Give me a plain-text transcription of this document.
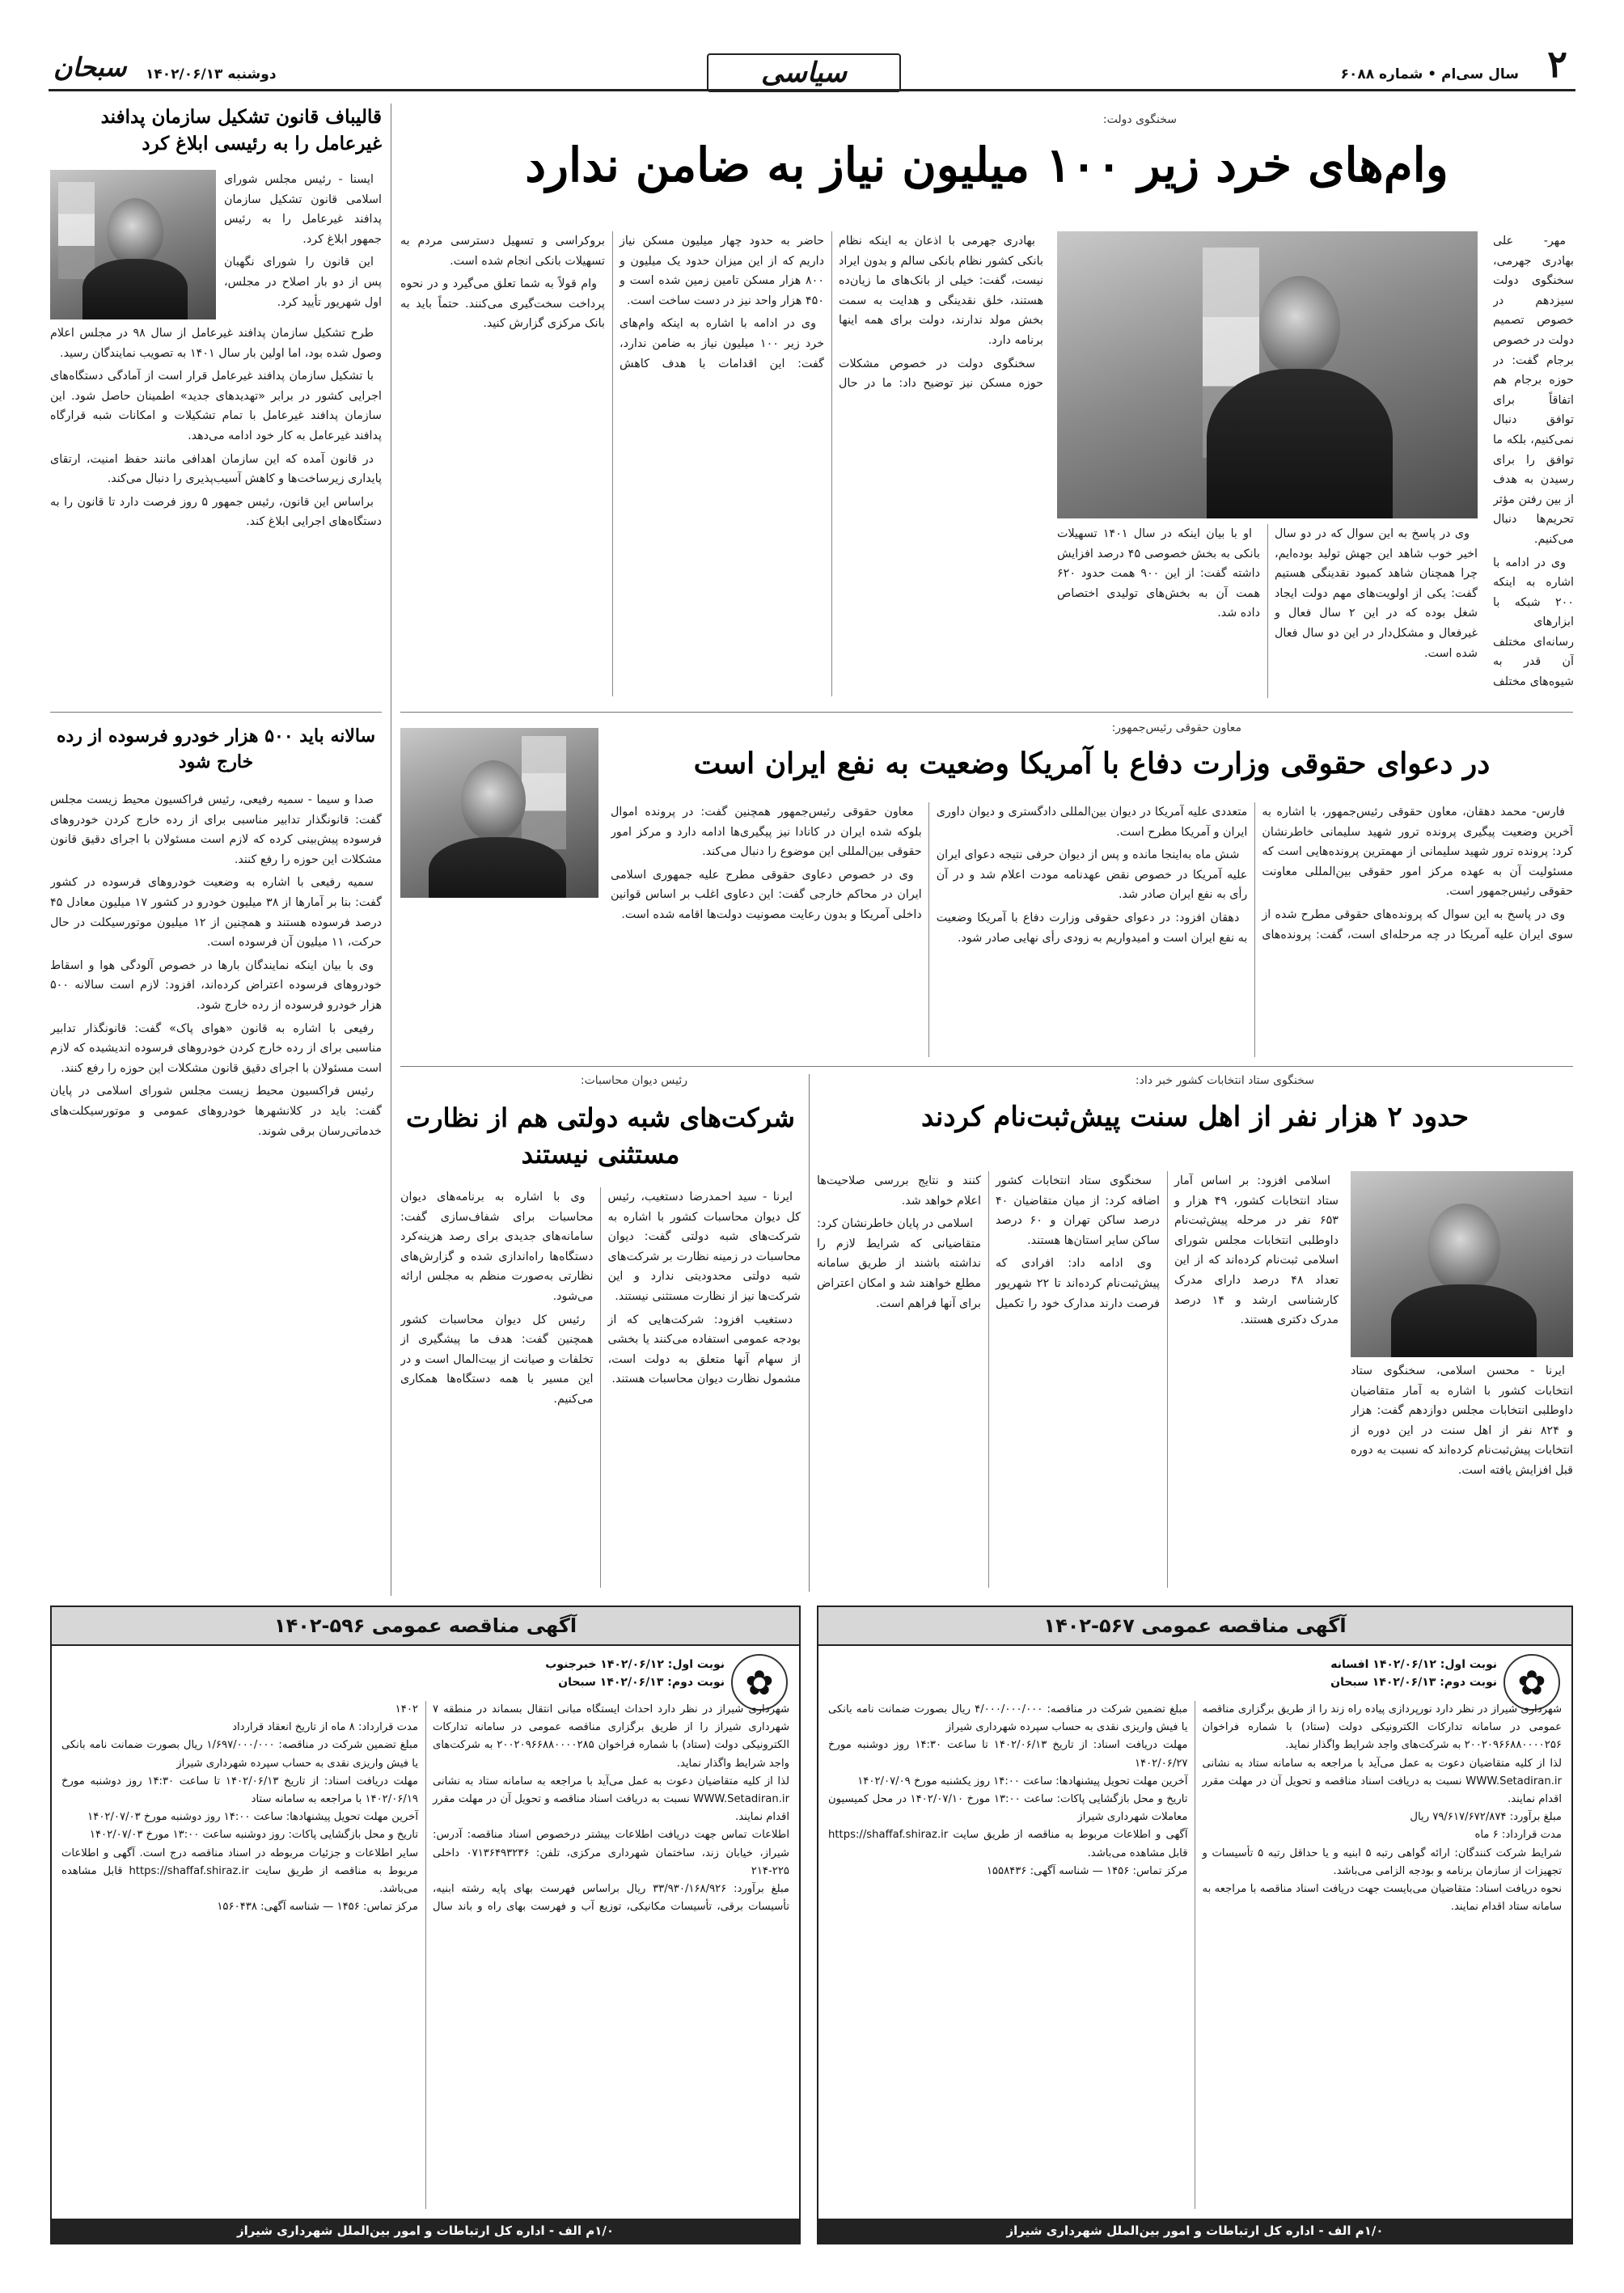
۲
سال سی‌ام • شماره ۶۰۸۸
سیاسی
دوشنبه ۱۴۰۲/۰۶/۱۳
سبحان
قالیباف قانون تشکیل سازمان پدافند غیرعامل را به رئیسی ابلاغ کرد

ایسنا - رئیس مجلس شورای اسلامی قانون تشکیل سازمان پدافند غیرعامل را به رئیس جمهور ابلاغ کرد.

این قانون را شورای نگهبان پس از دو بار اصلاح در مجلس، اول شهریور تأیید کرد.

طرح تشکیل سازمان پدافند غیرعامل از سال ۹۸ در مجلس اعلام وصول شده بود، اما اولین بار سال ۱۴۰۱ به تصویب نمایندگان رسید.

با تشکیل سازمان پدافند غیرعامل قرار است از آمادگی دستگاه‌های اجرایی کشور در برابر «تهدیدهای جدید» اطمینان حاصل شود. این سازمان پدافند غیرعامل با تمام تشکیلات و امکانات شبه قرارگاه پدافند غیرعامل به کار خود ادامه می‌دهد.

در قانون آمده که این سازمان اهدافی مانند حفظ امنیت، ارتقای پایداری زیرساخت‌ها و کاهش آسیب‌پذیری را دنبال می‌کند.

براساس این قانون، رئیس جمهور ۵ روز فرصت دارد تا قانون را به دستگاه‌های اجرایی ابلاغ کند.

سالانه باید ۵۰۰ هزار خودرو فرسوده از رده خارج شود

صدا و سیما - سمیه رفیعی، رئیس فراکسیون محیط زیست مجلس گفت: قانونگذار تدابیر مناسبی برای از رده خارج کردن خودروهای فرسوده پیش‌بینی کرده که لازم است مسئولان با اجرای دقیق قانون مشکلات این حوزه را رفع کنند.

سمیه رفیعی با اشاره به وضعیت خودروهای فرسوده در کشور گفت: بنا بر آمارها از ۳۸ میلیون خودرو در کشور ۱۷ میلیون معادل ۴۵ درصد فرسوده هستند و همچنین از ۱۲ میلیون موتورسیکلت در حال حرکت، ۱۱ میلیون آن فرسوده است.

وی با بیان اینکه نمایندگان بارها در خصوص آلودگی هوا و اسقاط خودروهای فرسوده اعتراض کرده‌اند، افزود: لازم است سالانه ۵۰۰ هزار خودرو فرسوده از رده خارج شود.

رفیعی با اشاره به قانون «هوای پاک» گفت: قانونگذار تدابیر مناسبی برای از رده خارج کردن خودروهای فرسوده اندیشیده که لازم است مسئولان با اجرای دقیق قانون مشکلات این حوزه را رفع کنند.

رئیس فراکسیون محیط زیست مجلس شورای اسلامی در پایان گفت: باید در کلانشهرها خودروهای عمومی و موتورسیکلت‌های خدماتی‌رسان برقی شوند.

سخنگوی دولت:
وام‌های خرد زیر ۱۰۰ میلیون نیاز به ضامن ندارد

وی در پاسخ به این سوال که در دو سال اخیر خوب شاهد این جهش تولید بوده‌ایم، چرا همچنان شاهد کمبود نقدینگی هستیم گفت: یکی از اولویت‌های مهم دولت ایجاد شغل بوده که در این ۲ سال فعال و غیرفعال و مشکل‌دار در این دو سال فعال شده است.

او با بیان اینکه در سال ۱۴۰۱ تسهیلات بانکی به بخش خصوصی ۴۵ درصد افزایش داشته گفت: از این ۹۰۰ همت حدود ۶۲۰ همت آن به بخش‌های تولیدی اختصاص داده شد.

بهادری جهرمی با اذعان به اینکه نظام بانکی کشور نظام بانکی سالم و بدون ایراد نیست، گفت: خیلی از بانک‌های ما زیان‌ده هستند، خلق نقدینگی و هدایت به سمت بخش مولد ندارند، دولت برای همه اینها برنامه دارد.

سخنگوی دولت در خصوص مشکلات حوزه مسکن نیز توضیح داد: ما در حال حاضر به حدود چهار میلیون مسکن نیاز داریم که از این میزان حدود یک میلیون و ۸۰۰ هزار مسکن تامین زمین شده است و ۴۵۰ هزار واحد نیز در دست ساخت است.

وی در ادامه با اشاره به اینکه وام‌های خرد زیر ۱۰۰ میلیون نیاز به ضامن ندارد، گفت: این اقدامات با هدف کاهش بروکراسی و تسهیل دسترسی مردم به تسهیلات بانکی انجام شده است.

وام قولاً به شما تعلق می‌گیرد و در نحوه پرداخت سخت‌گیری می‌کنند. حتماً باید به بانک مرکزی گزارش کنید.

معاون حقوقی رئیس‌جمهور:
در دعوای حقوقی وزارت دفاع با آمریکا وضعیت به نفع ایران است

فارس- محمد دهقان، معاون حقوقی رئیس‌جمهور، با اشاره به آخرین وضعیت پیگیری پرونده ترور شهید سلیمانی خاطرنشان کرد: پرونده ترور شهید سلیمانی از مهمترین پرونده‌هایی است که مسئولیت آن به عهده مرکز امور حقوقی بین‌المللی معاونت حقوقی رئیس‌جمهور است.

وی در پاسخ به این سوال که پرونده‌های حقوقی مطرح شده از سوی ایران علیه آمریکا در چه مرحله‌ای است، گفت: پرونده‌های متعددی علیه آمریکا در دیوان بین‌المللی دادگستری و دیوان داوری ایران و آمریکا مطرح است.

شش ماه به‌اینجا مانده و پس از دیوان حرفی نتیجه دعوای ایران علیه آمریکا در خصوص نقض عهدنامه مودت اعلام شد و در آن رأی به نفع ایران صادر شد.

دهقان افزود: در دعوای حقوقی وزارت دفاع با آمریکا وضعیت به نفع ایران است و امیدواریم به زودی رأی نهایی صادر شود.

معاون حقوقی رئیس‌جمهور همچنین گفت: در پرونده اموال بلوکه شده ایران در کانادا نیز پیگیری‌ها ادامه دارد و مرکز امور حقوقی بین‌المللی این موضوع را دنبال می‌کند.

وی در خصوص دعاوی حقوقی مطرح علیه جمهوری اسلامی ایران در محاکم خارجی گفت: این دعاوی اغلب بر اساس قوانین داخلی آمریکا و بدون رعایت مصونیت دولت‌ها اقامه شده است.

سخنگوی ستاد انتخابات کشور خبر داد:
حدود ۲ هزار نفر از اهل سنت پیش‌ثبت‌نام کردند

ایرنا - محسن اسلامی، سخنگوی ستاد انتخابات کشور با اشاره به آمار متقاضیان داوطلبی انتخابات مجلس دوازدهم گفت: هزار و ۸۲۴ نفر از اهل سنت در این دوره از انتخابات پیش‌ثبت‌نام کرده‌اند که نسبت به دوره قبل افزایش یافته است.

اسلامی افزود: بر اساس آمار ستاد انتخابات کشور، ۴۹ هزار و ۶۵۳ نفر در مرحله پیش‌ثبت‌نام داوطلبی انتخابات مجلس شورای اسلامی ثبت‌نام کرده‌اند که از این تعداد ۴۸ درصد دارای مدرک کارشناسی ارشد و ۱۴ درصد مدرک دکتری هستند.

سخنگوی ستاد انتخابات کشور اضافه کرد: از میان متقاضیان ۴۰ درصد ساکن تهران و ۶۰ درصد ساکن سایر استان‌ها هستند.

وی ادامه داد: افرادی که پیش‌ثبت‌نام کرده‌اند تا ۲۲ شهریور فرصت دارند مدارک خود را تکمیل کنند و نتایج بررسی صلاحیت‌ها اعلام خواهد شد.

اسلامی در پایان خاطرنشان کرد: متقاضیانی که شرایط لازم را نداشته باشند از طریق سامانه مطلع خواهند شد و امکان اعتراض برای آنها فراهم است.

رئیس دیوان محاسبات:
شرکت‌های شبه دولتی هم از نظارت مستثنی نیستند

ایرنا - سید احمدرضا دستغیب، رئیس کل دیوان محاسبات کشور با اشاره به شرکت‌های شبه دولتی گفت: دیوان محاسبات در زمینه نظارت بر شرکت‌های شبه دولتی محدودیتی ندارد و این شرکت‌ها نیز از نظارت مستثنی نیستند.

دستغیب افزود: شرکت‌هایی که از بودجه عمومی استفاده می‌کنند یا بخشی از سهام آنها متعلق به دولت است، مشمول نظارت دیوان محاسبات هستند.

وی با اشاره به برنامه‌های دیوان محاسبات برای شفاف‌سازی گفت: سامانه‌های جدیدی برای رصد هزینه‌کرد دستگاه‌ها راه‌اندازی شده و گزارش‌های نظارتی به‌صورت منظم به مجلس ارائه می‌شود.

رئیس کل دیوان محاسبات کشور همچنین گفت: هدف ما پیشگیری از تخلفات و صیانت از بیت‌المال است و در این مسیر با همه دستگاه‌ها همکاری می‌کنیم.

آگهی مناقصه عمومی ۵۶۷-۱۴۰۲
✿
نوبت اول: ۱۴۰۲/۰۶/۱۲ افسانه
نوبت دوم: ۱۴۰۲/۰۶/۱۳ سبحان

شهرداری شیراز در نظر دارد نورپردازی پیاده راه زند را از طریق برگزاری مناقصه عمومی در سامانه تدارکات الکترونیکی دولت (ستاد) با شماره فراخوان ۲۰۰۲۰۹۶۶۸۸۰۰۰۰۲۵۶ به شرکت‌های واجد شرایط واگذار نماید.

لذا از کلیه متقاضیان دعوت به عمل می‌آید با مراجعه به سامانه ستاد به نشانی WWW.Setadiran.ir نسبت به دریافت اسناد مناقصه و تحویل آن در مهلت مقرر اقدام نمایند.

مبلغ برآورد: ۷۹/۶۱۷/۶۷۲/۸۷۴ ریال

مدت قرارداد: ۶ ماه

شرایط شرکت کنندگان: ارائه گواهی رتبه ۵ ابنیه و یا حداقل رتبه ۵ تأسیسات و تجهیزات از سازمان برنامه و بودجه الزامی می‌باشد.

نحوه دریافت اسناد: متقاضیان می‌بایست جهت دریافت اسناد مناقصه با مراجعه به سامانه ستاد اقدام نمایند.

مبلغ تضمین شرکت در مناقصه: ۴/۰۰۰/۰۰۰/۰۰۰ ریال بصورت ضمانت نامه بانکی یا فیش واریزی نقدی به حساب سپرده شهرداری شیراز

مهلت دریافت اسناد: از تاریخ ۱۴۰۲/۰۶/۱۳ تا ساعت ۱۴:۳۰ روز دوشنبه مورخ ۱۴۰۲/۰۶/۲۷

آخرین مهلت تحویل پیشنهادها: ساعت ۱۴:۰۰ روز یکشنبه مورخ ۱۴۰۲/۰۷/۰۹

تاریخ و محل بازگشایی پاکات: ساعت ۱۳:۰۰ مورخ ۱۴۰۲/۰۷/۱۰ در محل کمیسیون معاملات شهرداری شیراز

آگهی و اطلاعات مربوط به مناقصه از طریق سایت https://shaffaf.shiraz.ir قابل مشاهده می‌باشد.

مرکز تماس: ۱۴۵۶ — شناسه آگهی: ۱۵۵۸۴۳۶

۱/۰م الف - اداره کل ارتباطات و امور بین‌الملل شهرداری شیراز
آگهی مناقصه عمومی ۵۹۶-۱۴۰۲
✿
نوبت اول: ۱۴۰۲/۰۶/۱۲ خبرجنوب
نوبت دوم: ۱۴۰۲/۰۶/۱۳ سبحان

شهرداری شیراز در نظر دارد احداث ایستگاه مبانی انتقال بسماند در منطقه ۷ شهرداری شیراز را از طریق برگزاری مناقصه عمومی در سامانه تدارکات الکترونیکی دولت (ستاد) با شماره فراخوان ۲۰۰۲۰۹۶۶۸۸۰۰۰۰۲۸۵ به شرکت‌های واجد شرایط واگذار نماید.

لذا از کلیه متقاضیان دعوت به عمل می‌آید با مراجعه به سامانه ستاد به نشانی WWW.Setadiran.ir نسبت به دریافت اسناد مناقصه و تحویل آن در مهلت مقرر اقدام نمایند.

اطلاعات تماس جهت دریافت اطلاعات بیشتر درخصوص اسناد مناقصه: آدرس: شیراز، خیابان زند، ساختمان شهرداری مرکزی، تلفن: ۰۷۱۳۶۴۹۳۲۳۶ داخلی ۲۲۵-۲۱۴

مبلغ برآورد: ۳۳/۹۳۰/۱۶۸/۹۲۶ ریال براساس فهرست بهای پایه رشته ابنیه، تأسیسات برقی، تأسیسات مکانیکی، توزیع آب و فهرست بهای راه و باند سال ۱۴۰۲

مدت قرارداد: ۸ ماه از تاریخ انعقاد قرارداد

مبلغ تضمین شرکت در مناقصه: ۱/۶۹۷/۰۰۰/۰۰۰ ریال بصورت ضمانت نامه بانکی یا فیش واریزی نقدی به حساب سپرده شهرداری شیراز

مهلت دریافت اسناد: از تاریخ ۱۴۰۲/۰۶/۱۳ تا ساعت ۱۴:۳۰ روز دوشنبه مورخ ۱۴۰۲/۰۶/۱۹ با مراجعه به سامانه ستاد

آخرین مهلت تحویل پیشنهادها: ساعت ۱۴:۰۰ روز دوشنبه مورخ ۱۴۰۲/۰۷/۰۳

تاریخ و محل بازگشایی پاکات: روز دوشنبه ساعت ۱۳:۰۰ مورخ ۱۴۰۲/۰۷/۰۳

سایر اطلاعات و جزئیات مربوطه در اسناد مناقصه درج است. آگهی و اطلاعات مربوط به مناقصه از طریق سایت https://shaffaf.shiraz.ir قابل مشاهده می‌باشد.

مرکز تماس: ۱۴۵۶ — شناسه آگهی: ۱۵۶۰۴۳۸

۱/۰م الف - اداره کل ارتباطات و امور بین‌الملل شهرداری شیراز

مهر- علی بهادری جهرمی، سخنگوی دولت سیزدهم در خصوص تصمیم دولت در خصوص برجام گفت: در حوزه برجام هم اتفاقاً برای توافق دنبال نمی‌کنیم، بلکه ما توافق را برای رسیدن به هدف از بین رفتن مؤثر تحریم‌ها دنبال می‌کنیم.

وی در ادامه با اشاره به اینکه ۲۰۰ شبکه با ابزارهای رسانه‌ای مختلف آن قدر به شیوه‌های مختلف
